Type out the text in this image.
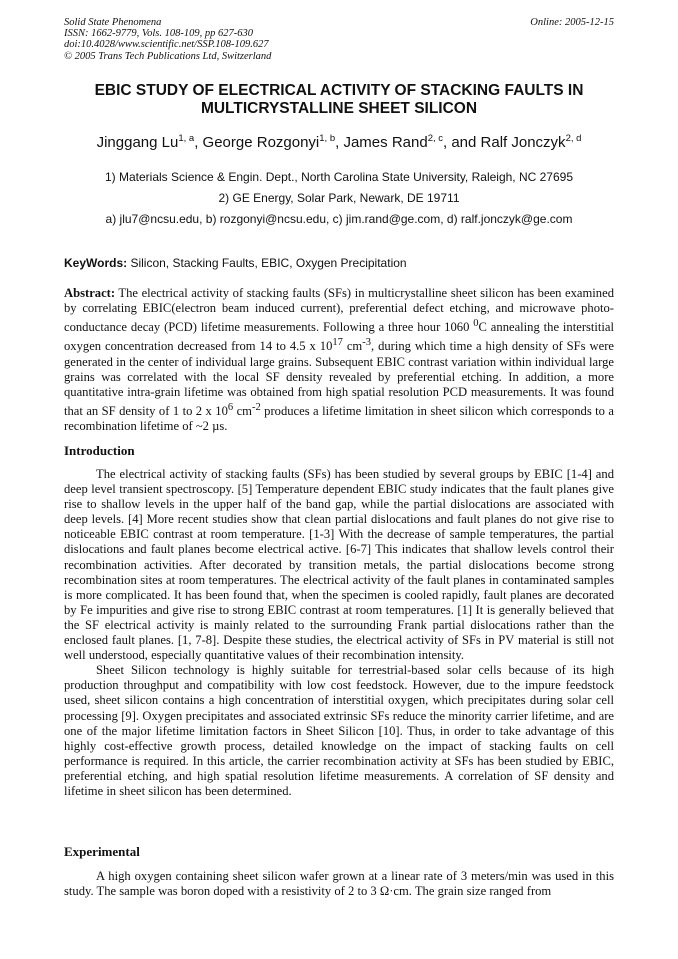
Solid State Phenomena
ISSN: 1662-9779, Vols. 108-109, pp 627-630
doi:10.4028/www.scientific.net/SSP.108-109.627
© 2005 Trans Tech Publications Ltd, Switzerland
Online: 2005-12-15
EBIC STUDY OF ELECTRICAL ACTIVITY OF STACKING FAULTS IN
MULTICRYSTALLINE SHEET SILICON
Jinggang Lu$^{1, a}$, George Rozgonyi$^{1, b}$, James Rand$^{2, c}$, and Ralf Jonczyk$^{2, d}$
1) Materials Science & Engin. Dept., North Carolina State University, Raleigh, NC 27695
2) GE Energy, Solar Park, Newark, DE 19711
a) jlu7@ncsu.edu, b) rozgonyi@ncsu.edu, c) jim.rand@ge.com, d) ralf.jonczyk@ge.com
KeyWords: Silicon, Stacking Faults, EBIC, Oxygen Precipitation

Abstract: The electrical activity of stacking faults (SFs) in multicrystalline sheet silicon has been examined by correlating EBIC(electron beam induced current), preferential defect etching, and microwave photo-conductance decay (PCD) lifetime measurements. Following a three hour 1060 $^0$C annealing the interstitial oxygen concentration decreased from 14 to 4.5 x $10^{17}$ $cm^{-3}$, during which time a high density of SFs were generated in the center of individual large grains. Subsequent EBIC contrast variation within individual large grains was correlated with the local SF density revealed by preferential etching. In addition, a more quantitative intra-grain lifetime was obtained from high spatial resolution PCD measurements. It was found that an SF density of 1 to 2 x $10^6$ $cm^{-2}$ produces a lifetime limitation in sheet silicon which corresponds to a recombination lifetime of ~2 µs.

Introduction

The electrical activity of stacking faults (SFs) has been studied by several groups by EBIC [1-4] and deep level transient spectroscopy. [5] Temperature dependent EBIC study indicates that the fault planes give rise to shallow levels in the upper half of the band gap, while the partial dislocations are associated with deep levels. [4] More recent studies show that clean partial dislocations and fault planes do not give rise to noticeable EBIC contrast at room temperature. [1-3] With the decrease of sample temperatures, the partial dislocations and fault planes become electrical active. [6-7] This indicates that shallow levels control their recombination activities. After decorated by transition metals, the partial dislocations become strong recombination sites at room temperatures. The electrical activity of the fault planes in contaminated samples is more complicated. It has been found that, when the specimen is cooled rapidly, fault planes are decorated by Fe impurities and give rise to strong EBIC contrast at room temperatures. [1] It is generally believed that the SF electrical activity is mainly related to the surrounding Frank partial dislocations rather than the enclosed fault planes. [1, 7-8]. Despite these studies, the electrical activity of SFs in PV material is still not well understood, especially quantitative values of their recombination intensity.

Sheet Silicon technology is highly suitable for terrestrial-based solar cells because of its high production throughput and compatibility with low cost feedstock. However, due to the impure feedstock used, sheet silicon contains a high concentration of interstitial oxygen, which precipitates during solar cell processing [9]. Oxygen precipitates and associated extrinsic SFs reduce the minority carrier lifetime, and are one of the major lifetime limitation factors in Sheet Silicon [10]. Thus, in order to take advantage of this highly cost-effective growth process, detailed knowledge on the impact of stacking faults on cell performance is required. In this article, the carrier recombination activity at SFs has been studied by EBIC, preferential etching, and high spatial resolution lifetime measurements. A correlation of SF density and lifetime in sheet silicon has been determined.

Experimental

A high oxygen containing sheet silicon wafer grown at a linear rate of 3 meters/min was used in this study. The sample was boron doped with a resistivity of 2 to 3 Ω·cm. The grain size ranged from
